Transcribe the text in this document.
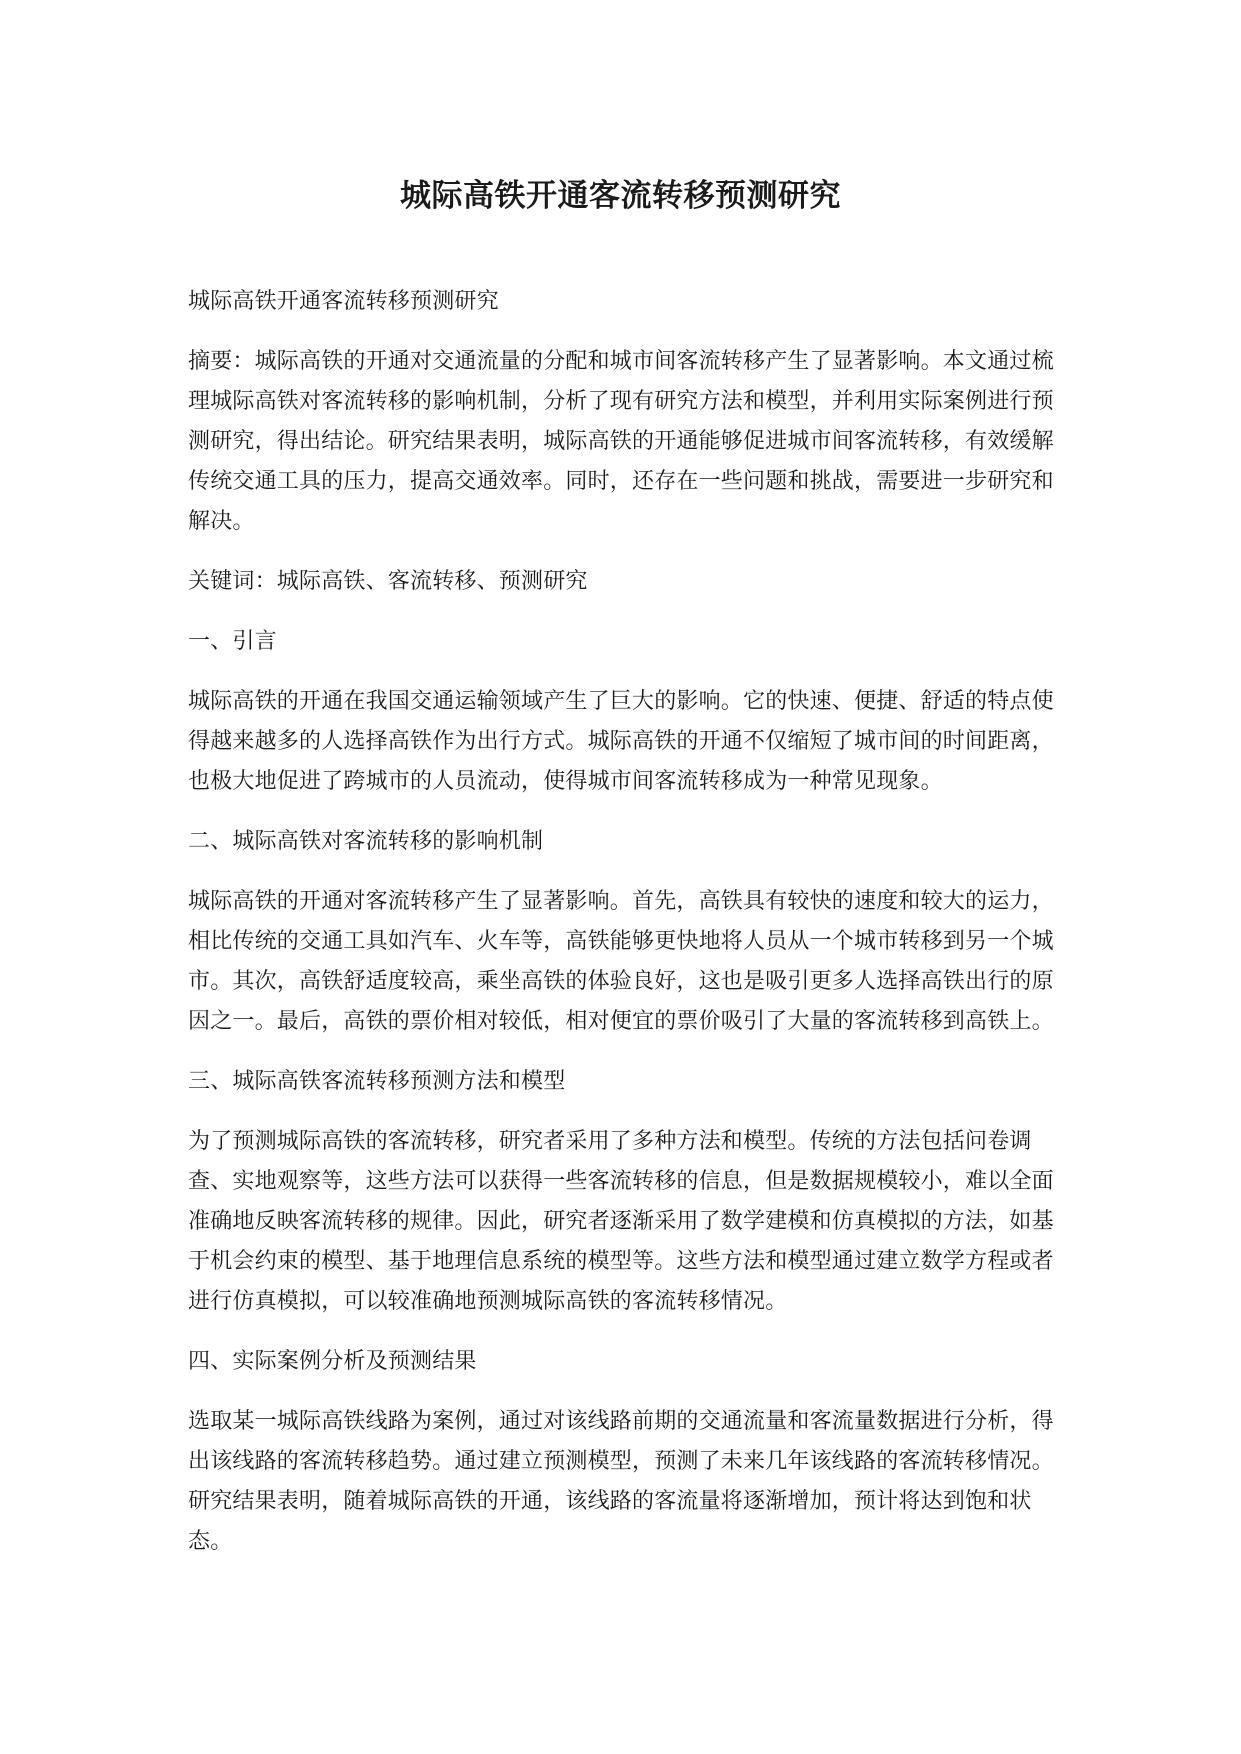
城际高铁开通客流转移预测研究

城际高铁开通客流转移预测研究

摘要：城际高铁的开通对交通流量的分配和城市间客流转移产生了显著影响。本文通过梳理城际高铁对客流转移的影响机制，分析了现有研究方法和模型，并利用实际案例进行预测研究，得出结论。研究结果表明，城际高铁的开通能够促进城市间客流转移，有效缓解传统交通工具的压力，提高交通效率。同时，还存在一些问题和挑战，需要进一步研究和解决。

关键词：城际高铁、客流转移、预测研究

一、引言

城际高铁的开通在我国交通运输领域产生了巨大的影响。它的快速、便捷、舒适的特点使得越来越多的人选择高铁作为出行方式。城际高铁的开通不仅缩短了城市间的时间距离，也极大地促进了跨城市的人员流动，使得城市间客流转移成为一种常见现象。

二、城际高铁对客流转移的影响机制

城际高铁的开通对客流转移产生了显著影响。首先，高铁具有较快的速度和较大的运力，相比传统的交通工具如汽车、火车等，高铁能够更快地将人员从一个城市转移到另一个城市。其次，高铁舒适度较高，乘坐高铁的体验良好，这也是吸引更多人选择高铁出行的原因之一。最后，高铁的票价相对较低，相对便宜的票价吸引了大量的客流转移到高铁上。

三、城际高铁客流转移预测方法和模型

为了预测城际高铁的客流转移，研究者采用了多种方法和模型。传统的方法包括问卷调查、实地观察等，这些方法可以获得一些客流转移的信息，但是数据规模较小，难以全面准确地反映客流转移的规律。因此，研究者逐渐采用了数学建模和仿真模拟的方法，如基于机会约束的模型、基于地理信息系统的模型等。这些方法和模型通过建立数学方程或者进行仿真模拟，可以较准确地预测城际高铁的客流转移情况。

四、实际案例分析及预测结果

选取某一城际高铁线路为案例，通过对该线路前期的交通流量和客流量数据进行分析，得出该线路的客流转移趋势。通过建立预测模型，预测了未来几年该线路的客流转移情况。研究结果表明，随着城际高铁的开通，该线路的客流量将逐渐增加，预计将达到饱和状态。
